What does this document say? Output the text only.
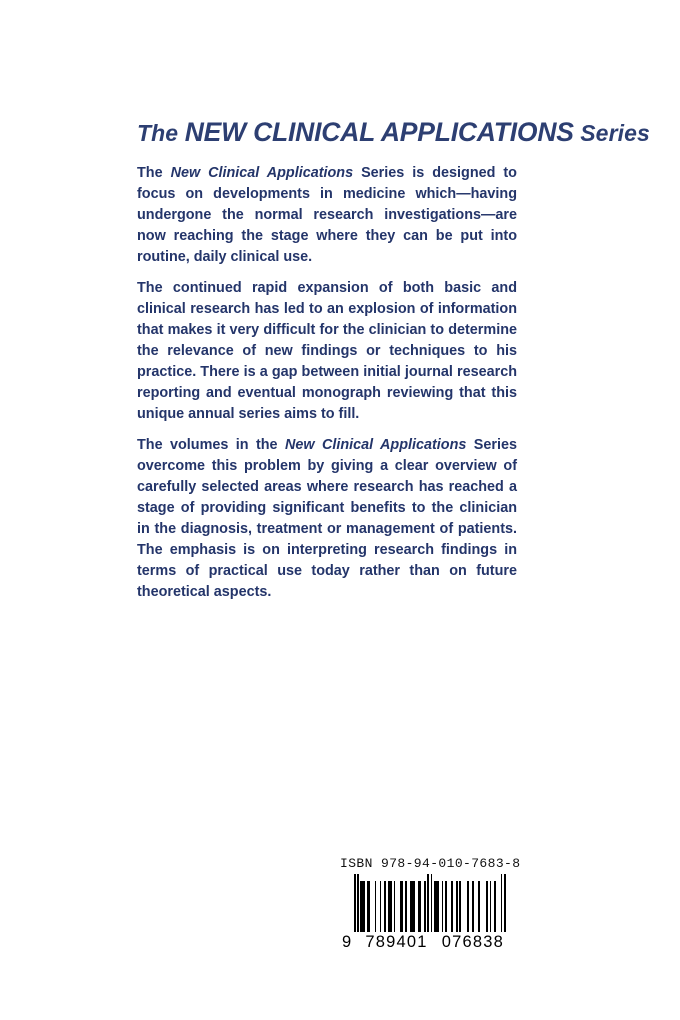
The NEW CLINICAL APPLICATIONS Series

The New Clinical Applications Series is designed to focus on developments in medicine which—having undergone the normal research investigations—are now reaching the stage where they can be put into routine, daily clinical use.

The continued rapid expansion of both basic and clinical research has led to an explosion of information that makes it very difficult for the clinician to determine the relevance of new findings or techniques to his practice. There is a gap between initial journal research reporting and eventual monograph reviewing that this unique annual series aims to fill.

The volumes in the New Clinical Applications Series overcome this problem by giving a clear overview of carefully selected areas where research has reached a stage of providing significant benefits to the clinician in the diagnosis, treatment or management of patients. The emphasis is on interpreting research findings in terms of practical use today rather than on future theoretical aspects.

ISBN 978-94-010-7683-8
9 789401 076838
